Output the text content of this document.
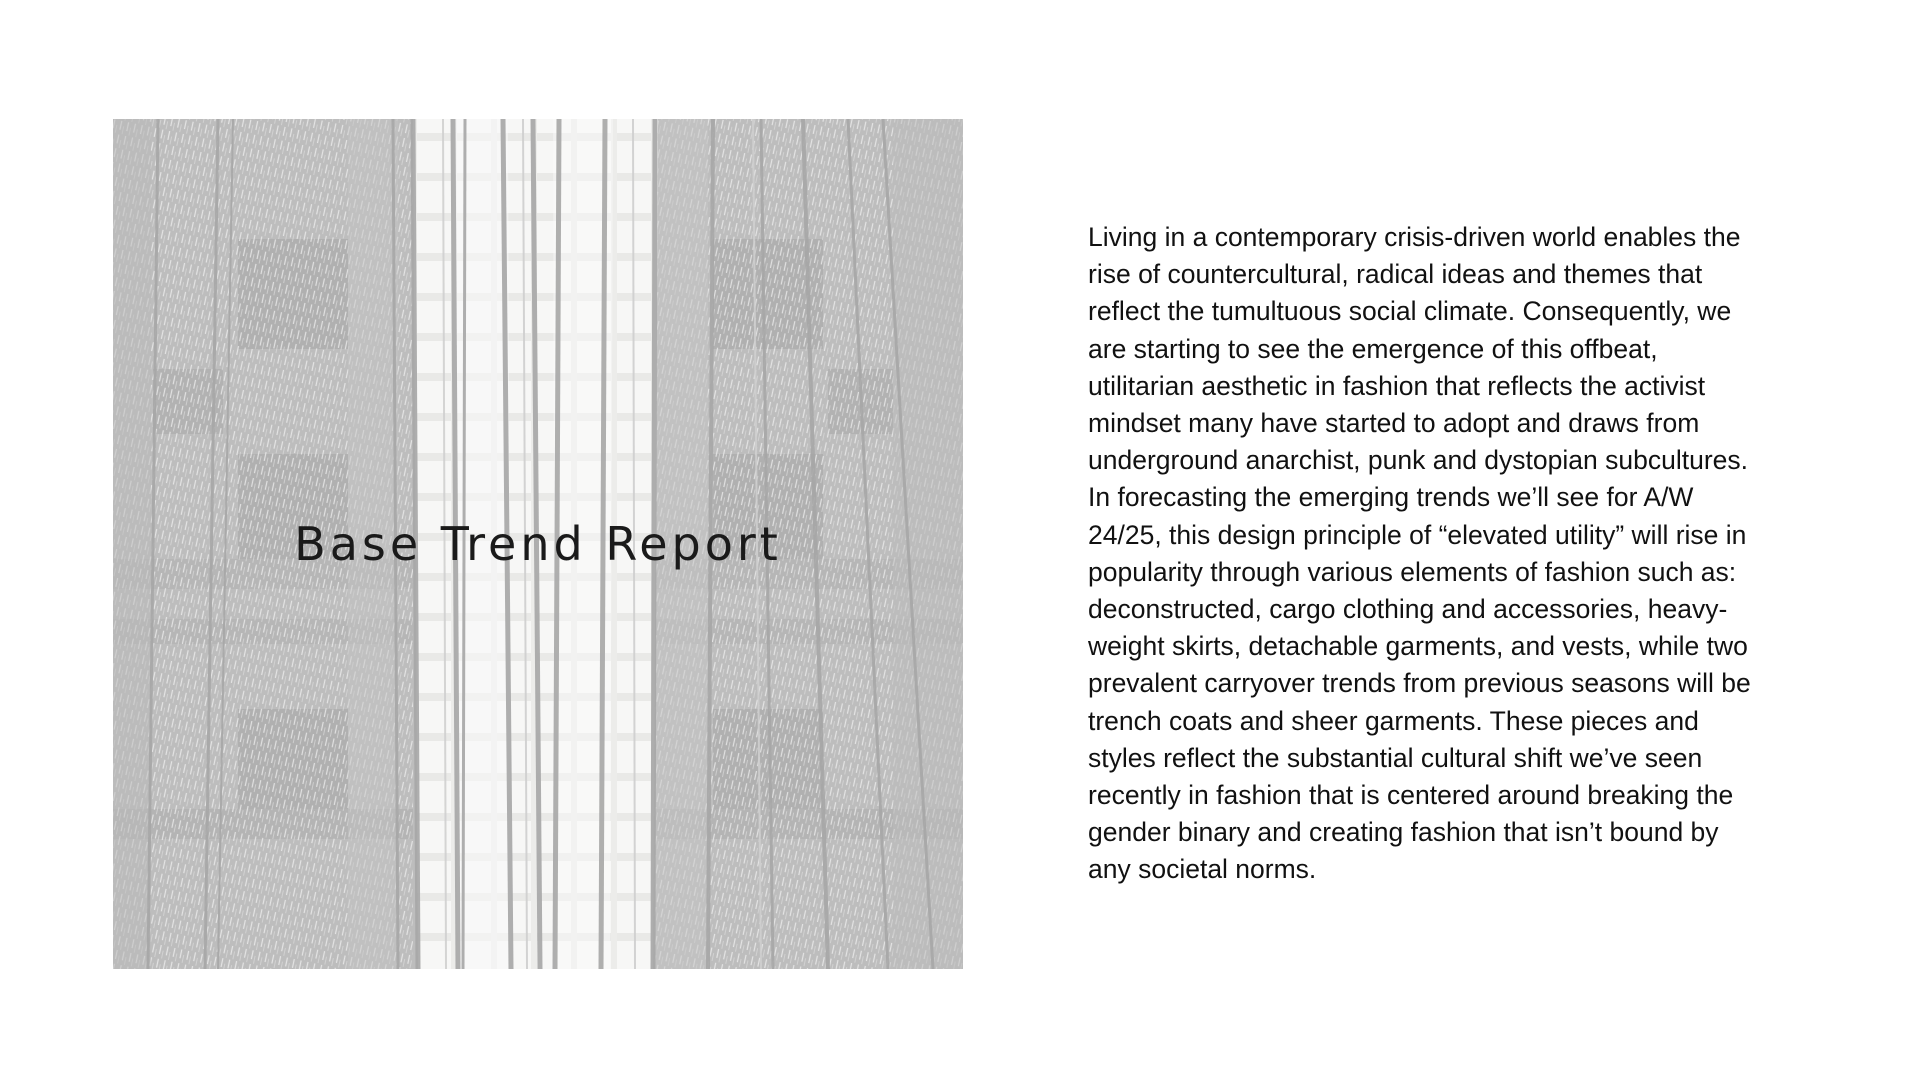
Base Trend Report

Living in a contemporary crisis-driven world enables the rise of countercultural, radical ideas and themes that reflect the tumultuous social climate. Consequently, we are starting to see the emergence of this offbeat, utilitarian aesthetic in fashion that reflects the activist mindset many have started to adopt and draws from underground anarchist, punk and dystopian subcultures. In forecasting the emerging trends we’ll see for A/W 24/25, this design principle of “elevated utility” will rise in popularity through various elements of fashion such as: deconstructed, cargo clothing and accessories, heavy-weight skirts, detachable garments, and vests, while two prevalent carryover trends from previous seasons will be trench coats and sheer garments. These pieces and styles reflect the substantial cultural shift we’ve seen recently in fashion that is centered around breaking the gender binary and creating fashion that isn’t bound by any societal norms.
